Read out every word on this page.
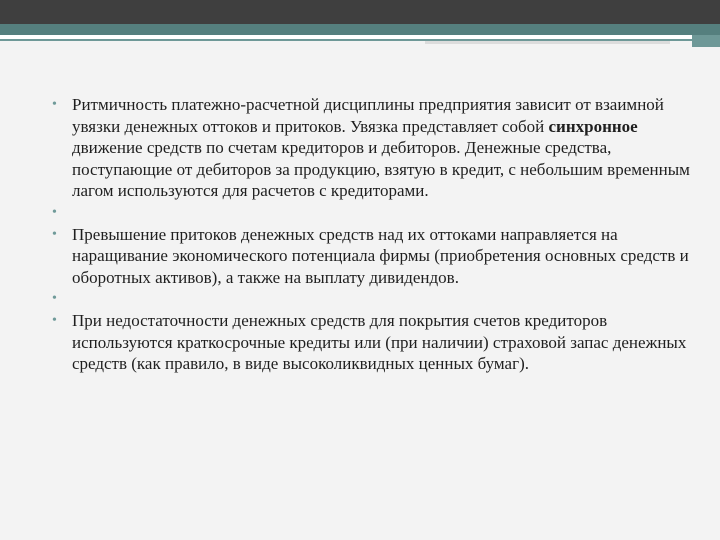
• Ритмичность платежно-расчетной дисциплины предприятия зависит от взаимной увязки денежных оттоков и притоков. Увязка представляет собой синхронное движение средств по счетам кредиторов и дебиторов. Денежные средства, поступающие от дебиторов за продукцию, взятую в кредит, с небольшим временным лагом используются для расчетов с кредиторами.
•
• Превышение притоков денежных средств над их оттоками направляется на наращивание экономического потенциала фирмы (приобретения основных средств и оборотных активов), а также на выплату дивидендов.
•
• При недостаточности денежных средств для покрытия счетов кредиторов используются краткосрочные кредиты или (при наличии) страховой запас денежных средств (как правило, в виде высоколиквидных ценных бумаг).
